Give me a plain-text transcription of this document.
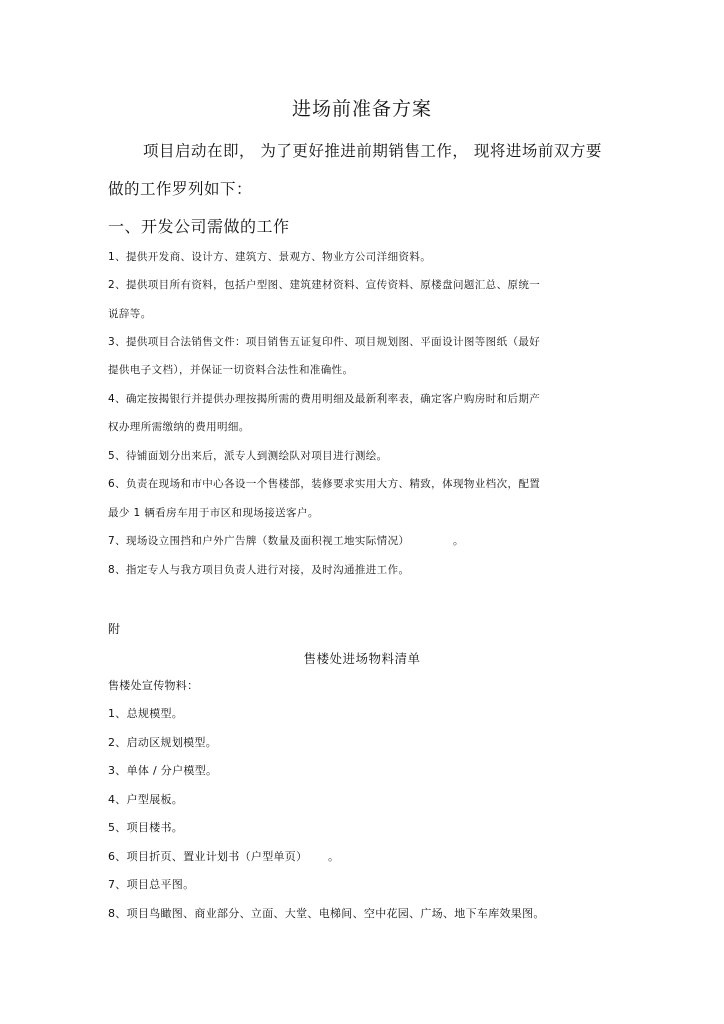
进场前准备方案
项目启动在即， 为了更好推进前期销售工作， 现将进场前双方要
做的工作罗列如下：
一、开发公司需做的工作
1、提供开发商、设计方、建筑方、景观方、物业方公司洋细资料。
2、提供项目所有资料，包括户型图、建筑建材资料、宣传资料、原楼盘问题汇总、原统一
说辞等。
3、提供项目合法销售文件：项目销售五证复印件、项目规划图、平面设计图等图纸（最好
提供电子文档），并保证一切资料合法性和准确性。
4、确定按揭银行并提供办理按揭所需的费用明细及最新利率表，确定客户购房时和后期产
权办理所需缴纳的费用明细。
5、待铺面划分出来后，派专人到测绘队对项目进行测绘。
6、负责在现场和市中心各设一个售楼部，装修要求实用大方、精致，体现物业档次，配置
最少 1 辆看房车用于市区和现场接送客户。
7、现场设立围挡和户外广告牌（数量及面积视工地实际情况）	。
8、指定专人与我方项目负责人进行对接，及时沟通推进工作。
附
售楼处进场物料清单
售楼处宣传物料：
1、总规模型。
2、启动区规划模型。
3、单体 / 分户模型。
4、户型展板。
5、项目楼书。
6、项目折页、置业计划书（户型单页） 。
7、项目总平图。
8、项目鸟瞰图、商业部分、立面、大堂、电梯间、空中花园、广场、地下车库效果图。
